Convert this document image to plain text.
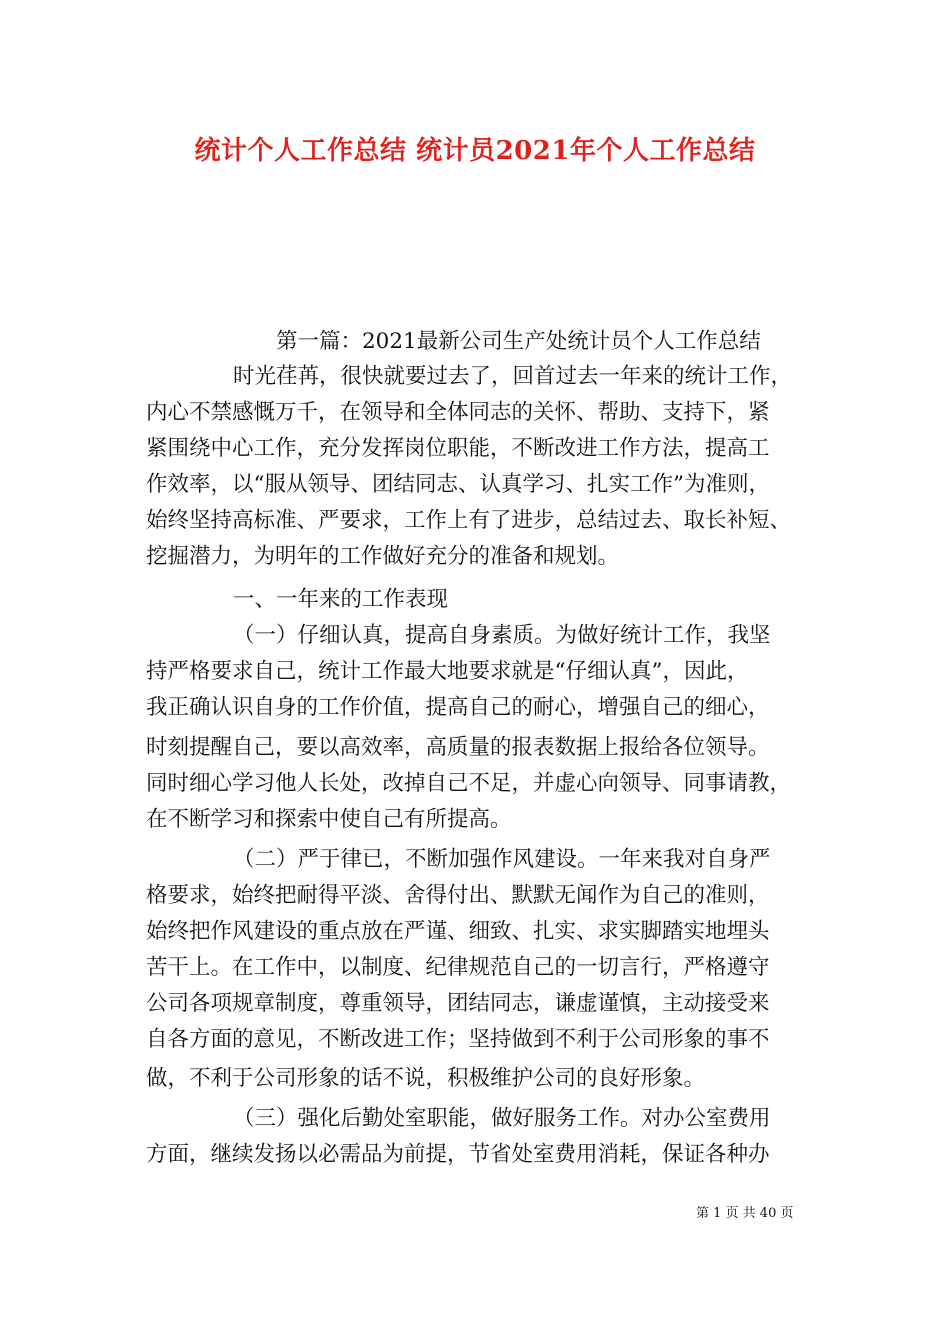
统计个人工作总结 统计员2021年个人工作总结
第一篇：2021最新公司生产处统计员个人工作总结
时光荏苒，很快就要过去了，回首过去一年来的统计工作，
内心不禁感慨万千，在领导和全体同志的关怀、帮助、支持下，紧
紧围绕中心工作，充分发挥岗位职能，不断改进工作方法，提高工
作效率，以“服从领导、团结同志、认真学习、扎实工作”为准则，
始终坚持高标准、严要求，工作上有了进步，总结过去、取长补短、
挖掘潜力，为明年的工作做好充分的准备和规划。
一、一年来的工作表现
（一）仔细认真，提高自身素质。为做好统计工作，我坚
持严格要求自己，统计工作最大地要求就是“仔细认真”，因此，
我正确认识自身的工作价值，提高自己的耐心，增强自己的细心，
时刻提醒自己，要以高效率，高质量的报表数据上报给各位领导。
同时细心学习他人长处，改掉自己不足，并虚心向领导、同事请教，
在不断学习和探索中使自己有所提高。
（二）严于律已，不断加强作风建设。一年来我对自身严
格要求，始终把耐得平淡、舍得付出、默默无闻作为自己的准则，
始终把作风建设的重点放在严谨、细致、扎实、求实脚踏实地埋头
苦干上。在工作中，以制度、纪律规范自己的一切言行，严格遵守
公司各项规章制度，尊重领导，团结同志，谦虚谨慎，主动接受来
自各方面的意见，不断改进工作；坚持做到不利于公司形象的事不
做，不利于公司形象的话不说，积极维护公司的良好形象。
（三）强化后勤处室职能，做好服务工作。对办公室费用
方面，继续发扬以必需品为前提，节省处室费用消耗，保证各种办
第 1 页 共 40 页
